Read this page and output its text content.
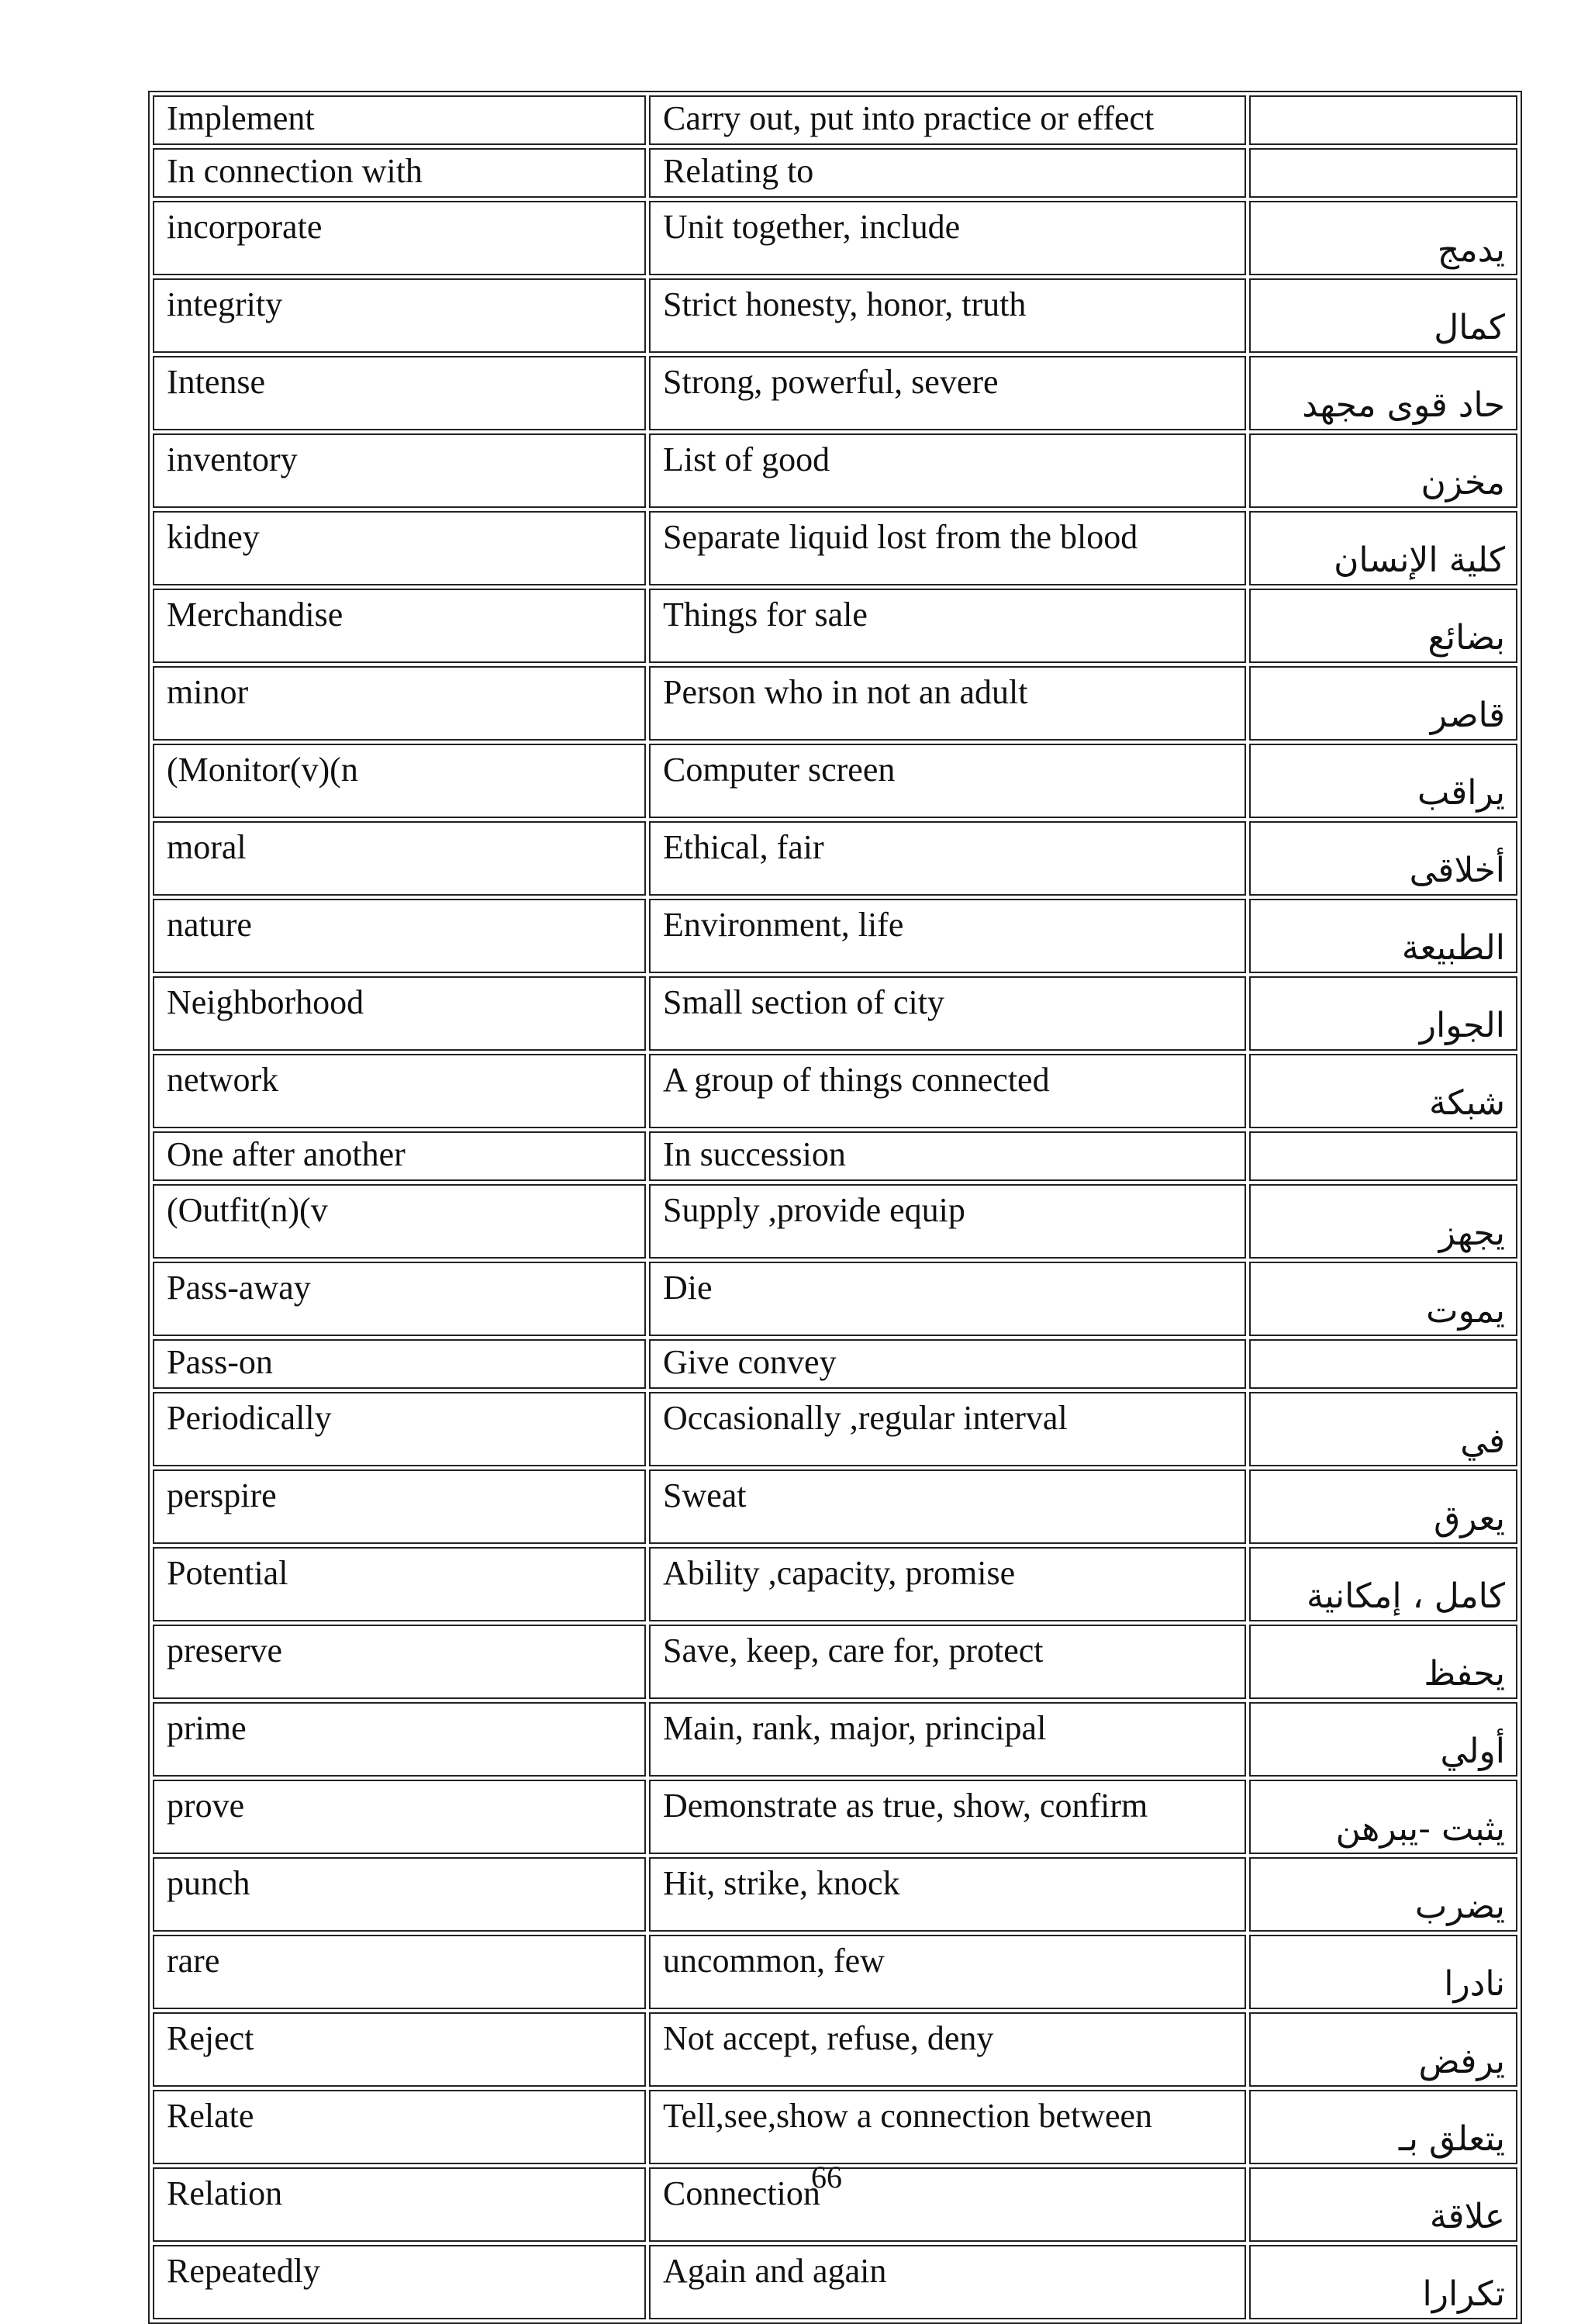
Implement	Carry out, put into practice or effect	
In connection with	Relating to	
incorporate	Unit together, include	يدمج
integrity	Strict honesty, honor, truth	كمال
Intense	Strong, powerful, severe	حاد قوى مجهد
inventory	List of good	مخزن
kidney	Separate liquid lost from the blood	كلية الإنسان
Merchandise	Things for sale	بضائع
minor	Person who in not an adult	قاصر
(Monitor(v)(n	Computer screen	يراقب
moral	Ethical, fair	أخلاقى
nature	Environment, life	الطبيعة
Neighborhood	Small section of city	الجوار
network	A group of things connected	شبكة
One after another	In succession	
(Outfit(n)(v	Supply ,provide equip	يجهز
Pass-away	Die	يموت
Pass-on	Give convey	
Periodically	Occasionally ,regular interval	في
perspire	Sweat	يعرق
Potential	Ability ,capacity, promise	كامل ، إمكانية
preserve	Save, keep, care for, protect	يحفظ
prime	Main, rank, major, principal	أولي
prove	Demonstrate as true, show, confirm	يثبت -يبرهن
punch	Hit, strike, knock	يضرب
rare	uncommon, few	نادرا
Reject	Not accept, refuse, deny	يرفض
Relate	Tell,see,show a connection between	يتعلق بـ
Relation	Connection	علاقة
Repeatedly	Again and again	تكرارا
66
